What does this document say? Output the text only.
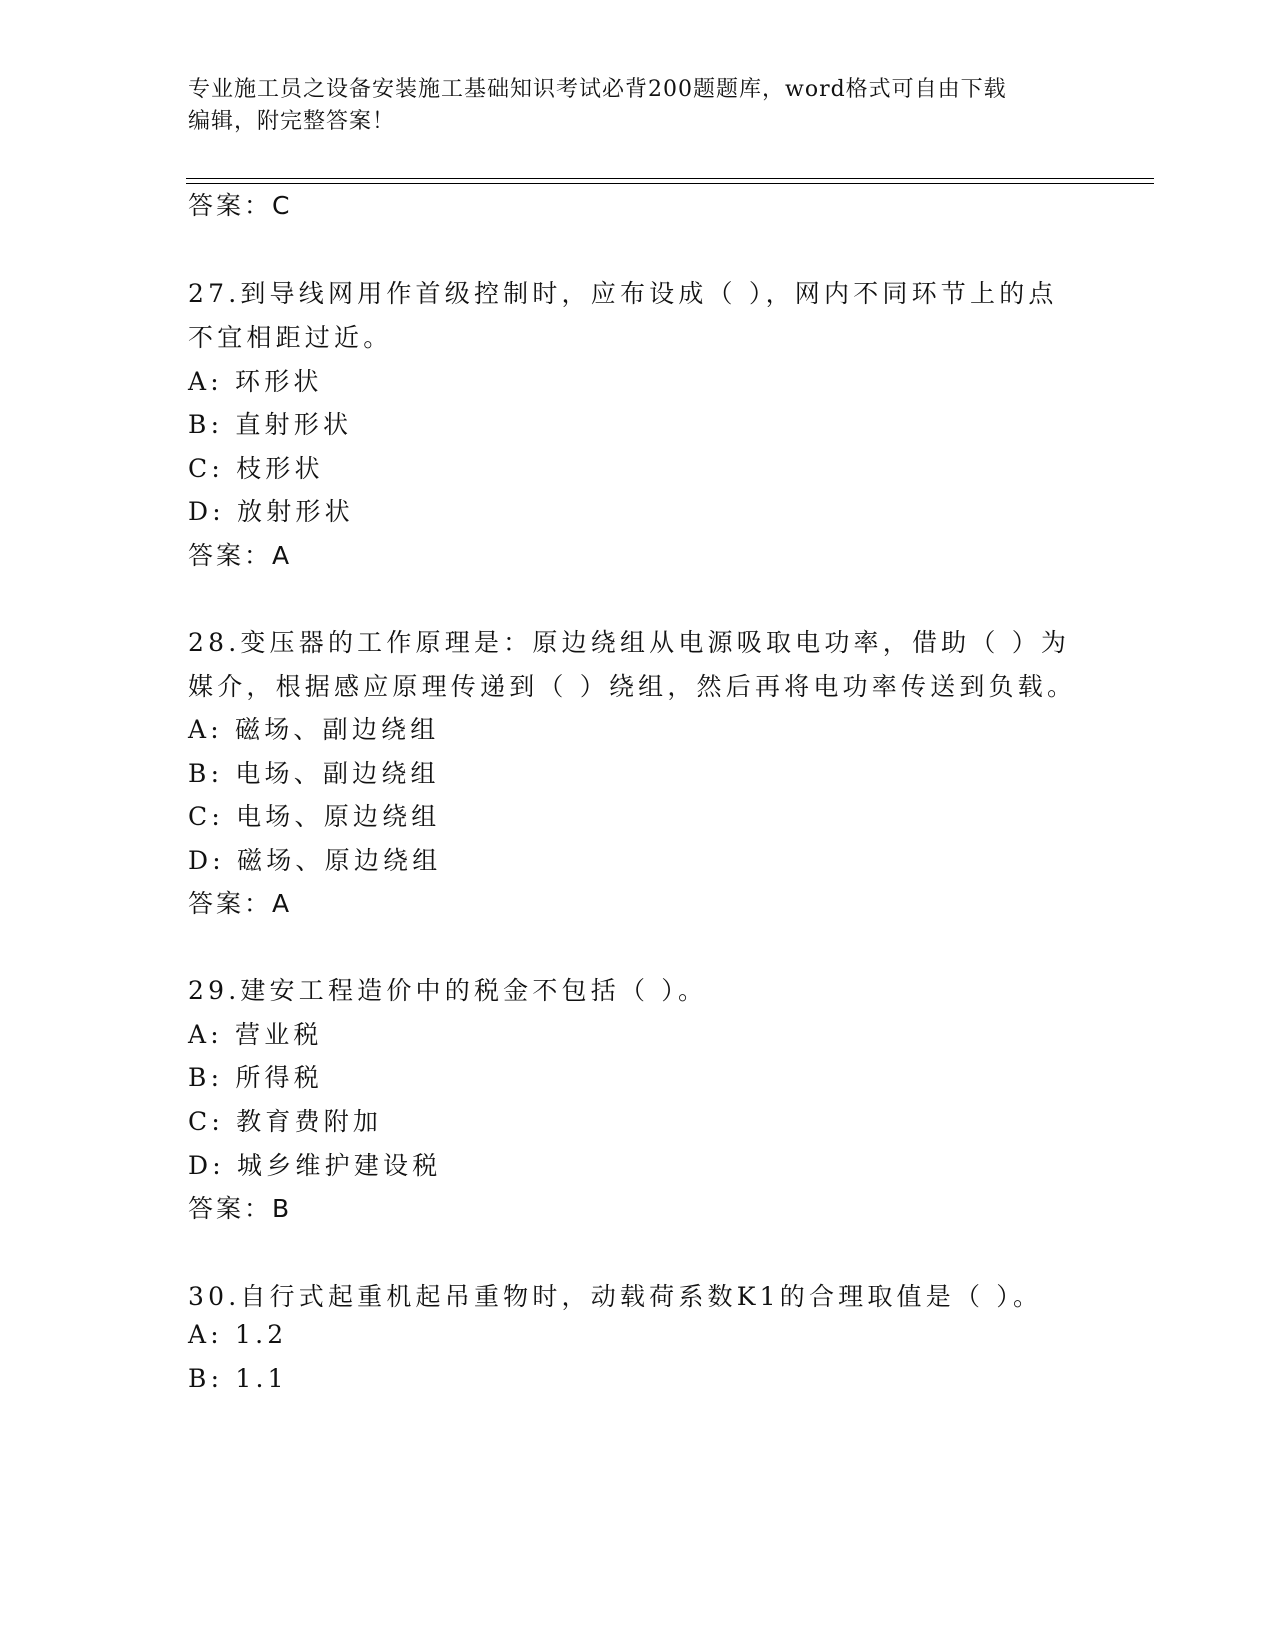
专业施工员之设备安装施工基础知识考试必背200题题库，word格式可自由下载
编辑，附完整答案！
答案：C
27.到导线网用作首级控制时，应布设成（ ），网内不同环节上的点
不宜相距过近。
A: 环形状
B: 直射形状
C: 枝形状
D: 放射形状
答案：A
28.变压器的工作原理是：原边绕组从电源吸取电功率，借助（ ）为
媒介，根据感应原理传递到（ ）绕组，然后再将电功率传送到负载。
A: 磁场、副边绕组
B: 电场、副边绕组
C: 电场、原边绕组
D: 磁场、原边绕组
答案：A
29.建安工程造价中的税金不包括（ ）。
A: 营业税
B: 所得税
C: 教育费附加
D: 城乡维护建设税
答案：B
30.自行式起重机起吊重物时，动载荷系数K1的合理取值是（ ）。
A: 1.2
B: 1.1
